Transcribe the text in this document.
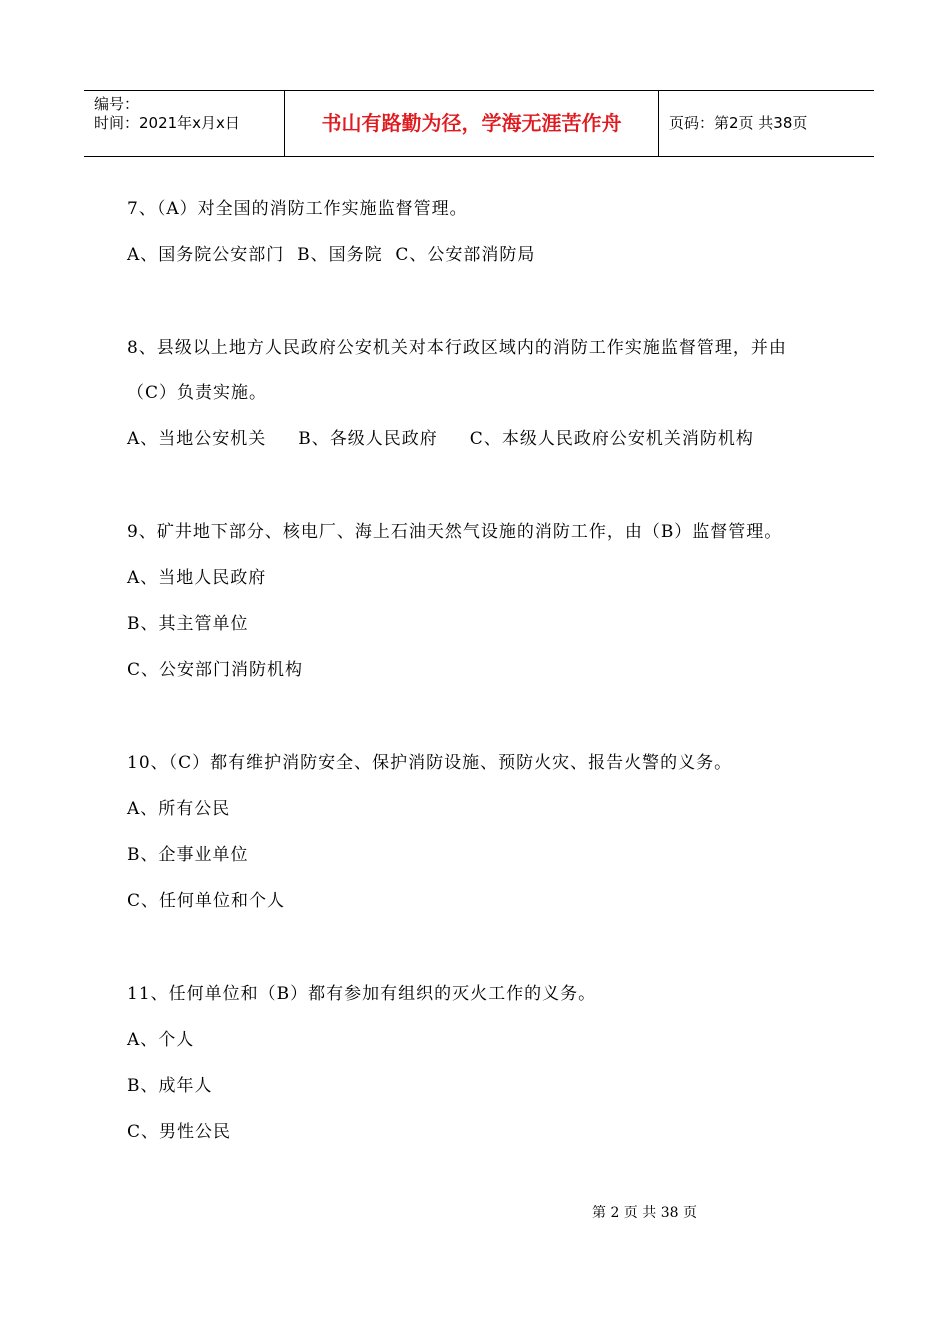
编号：
时间：2021年x月x日	书山有路勤为径，学海无涯苦作舟	页码：第2页 共38页
7、（A）对全国的消防工作实施监督管理。
A、国务院公安部门  B、国务院  C、公安部消防局
8、县级以上地方人民政府公安机关对本行政区域内的消防工作实施监督管理，并由
（C）负责实施。
A、当地公安机关     B、各级人民政府     C、本级人民政府公安机关消防机构
9、矿井地下部分、核电厂、海上石油天然气设施的消防工作，由（B）监督管理。
A、当地人民政府
B、其主管单位
C、公安部门消防机构
10、（C）都有维护消防安全、保护消防设施、预防火灾、报告火警的义务。
A、所有公民
B、企事业单位
C、任何单位和个人
11、任何单位和（B）都有参加有组织的灭火工作的义务。
A、个人
B、成年人
C、男性公民
第 2 页 共 38 页
